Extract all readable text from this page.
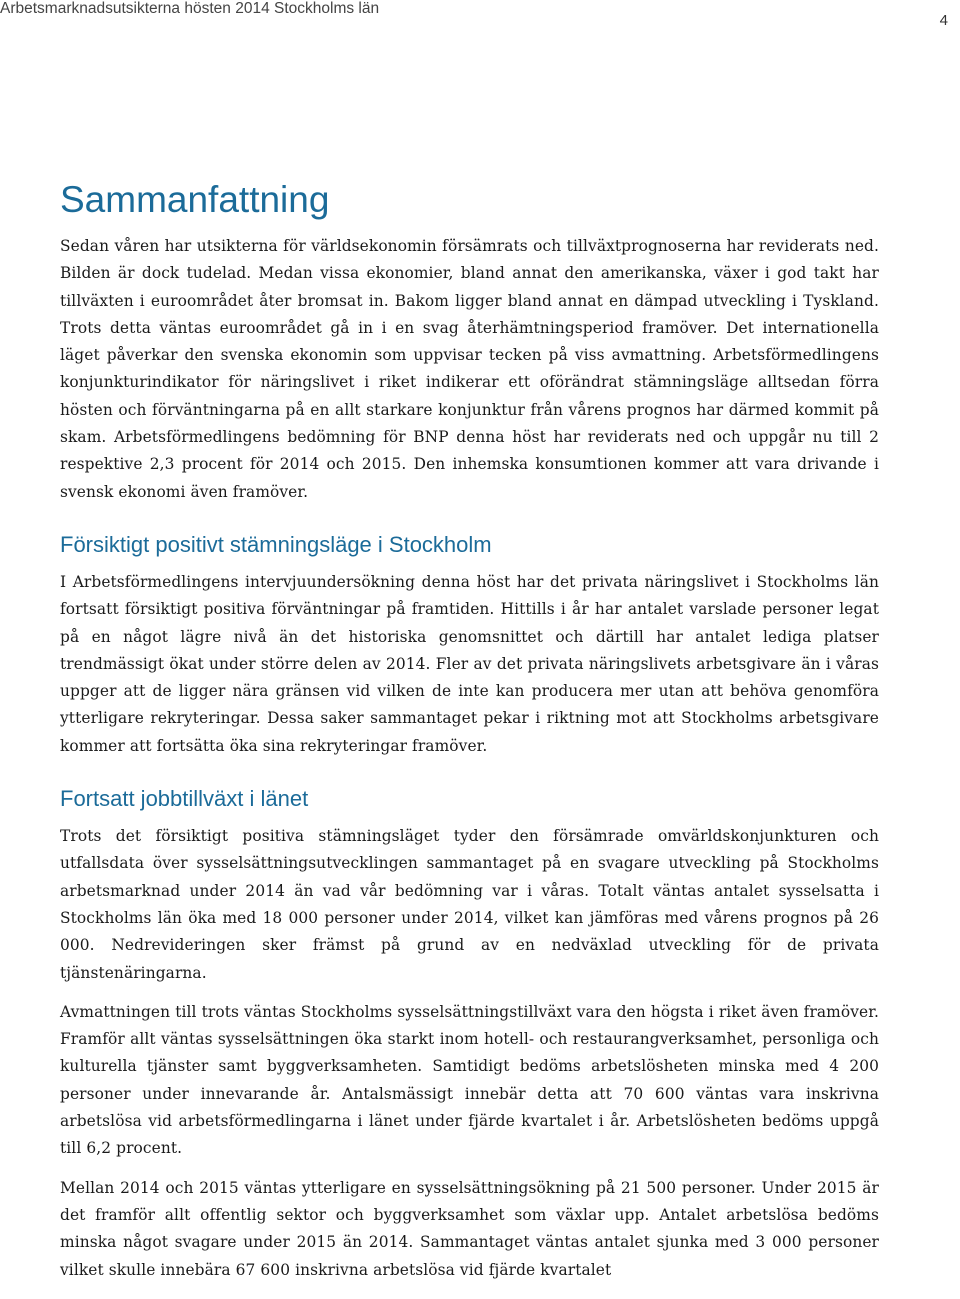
Arbetsmarknadsutsikterna hösten 2014 Stockholms län
4
Sammanfattning

Sedan våren har utsikterna för världsekonomin försämrats och tillväxtprognoserna har reviderats ned. Bilden är dock tudelad. Medan vissa ekonomier, bland annat den amerikanska, växer i god takt har tillväxten i euroområdet åter bromsat in. Bakom ligger bland annat en dämpad utveckling i Tyskland. Trots detta väntas euroområdet gå in i en svag återhämtningsperiod framöver. Det internationella läget påverkar den svenska ekonomin som uppvisar tecken på viss avmattning. Arbetsförmedlingens konjunkturindikator för näringslivet i riket indikerar ett oförändrat stämningsläge alltsedan förra hösten och förväntningarna på en allt starkare konjunktur från vårens prognos har därmed kommit på skam. Arbetsförmedlingens bedömning för BNP denna höst har reviderats ned och uppgår nu till 2 respektive 2,3 procent för 2014 och 2015. Den inhemska konsumtionen kommer att vara drivande i svensk ekonomi även framöver.

Försiktigt positivt stämningsläge i Stockholm

I Arbetsförmedlingens intervjuundersökning denna höst har det privata näringslivet i Stockholms län fortsatt försiktigt positiva förväntningar på framtiden. Hittills i år har antalet varslade personer legat på en något lägre nivå än det historiska genomsnittet och därtill har antalet lediga platser trendmässigt ökat under större delen av 2014. Fler av det privata näringslivets arbetsgivare än i våras uppger att de ligger nära gränsen vid vilken de inte kan producera mer utan att behöva genomföra ytterligare rekryteringar. Dessa saker sammantaget pekar i riktning mot att Stockholms arbetsgivare kommer att fortsätta öka sina rekryteringar framöver.

Fortsatt jobbtillväxt i länet

Trots det försiktigt positiva stämningsläget tyder den försämrade omvärldskonjunkturen och utfallsdata över sysselsättningsutvecklingen sammantaget på en svagare utveckling på Stockholms arbetsmarknad under 2014 än vad vår bedömning var i våras. Totalt väntas antalet sysselsatta i Stockholms län öka med 18 000 personer under 2014, vilket kan jämföras med vårens prognos på 26 000. Nedrevideringen sker främst på grund av en nedväxlad utveckling för de privata tjänstenäringarna.

Avmattningen till trots väntas Stockholms sysselsättningstillväxt vara den högsta i riket även framöver. Framför allt väntas sysselsättningen öka starkt inom hotell- och restaurangverksamhet, personliga och kulturella tjänster samt byggverksamheten. Samtidigt bedöms arbetslösheten minska med 4 200 personer under innevarande år. Antalsmässigt innebär detta att 70 600 väntas vara inskrivna arbetslösa vid arbetsförmedlingarna i länet under fjärde kvartalet i år. Arbetslösheten bedöms uppgå till 6,2 procent.

Mellan 2014 och 2015 väntas ytterligare en sysselsättningsökning på 21 500 personer. Under 2015 är det framför allt offentlig sektor och byggverksamhet som växlar upp. Antalet arbetslösa bedöms minska något svagare under 2015 än 2014. Sammantaget väntas antalet sjunka med 3 000 personer vilket skulle innebära 67 600 inskrivna arbetslösa vid fjärde kvartalet
